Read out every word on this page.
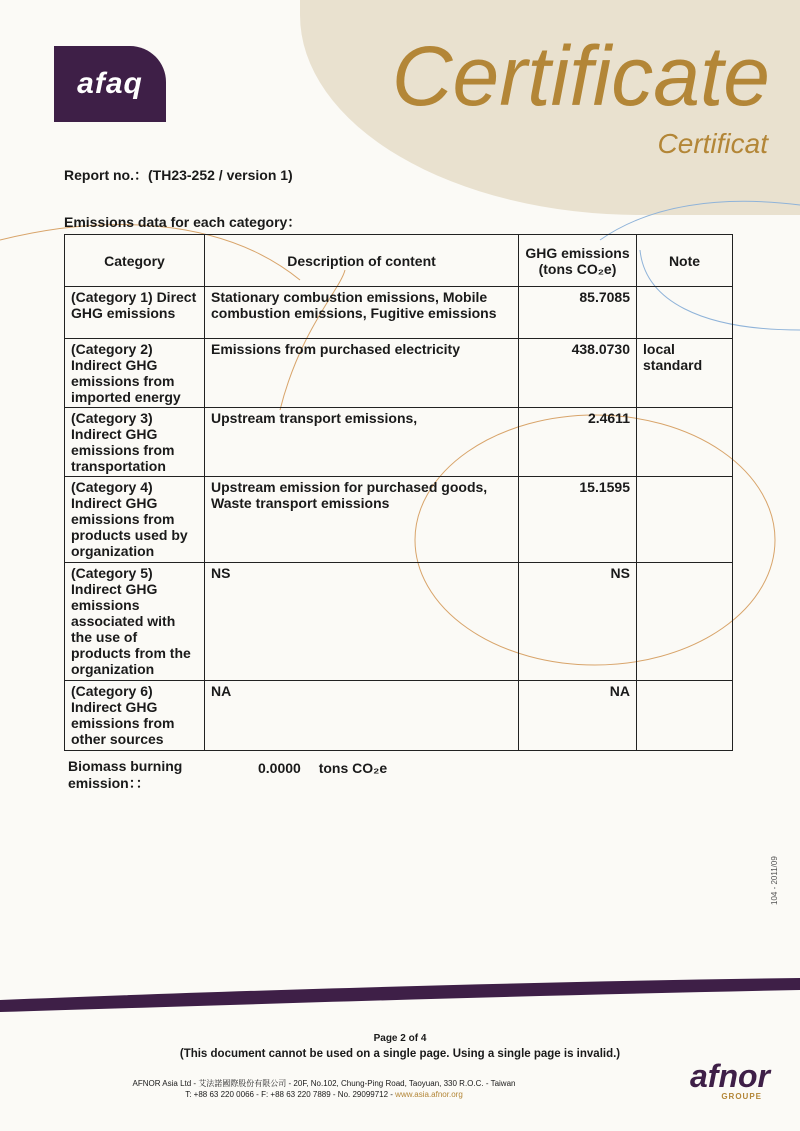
afaq	Certificate
Certificat
Report no.：(TH23-252 / version 1)
Emissions data for each category：
Category	Description of content	GHG emissions (tons CO₂e)	Note
(Category 1) Direct GHG emissions	Stationary combustion emissions, Mobile combustion emissions, Fugitive emissions	85.7085	
(Category 2) Indirect GHG emissions from imported energy	Emissions from purchased electricity	438.0730	local standard
(Category 3) Indirect GHG emissions from transportation	Upstream transport emissions,	2.4611	
(Category 4) Indirect GHG emissions from products used by organization	Upstream emission for purchased goods, Waste transport emissions	15.1595	
(Category 5) Indirect GHG emissions associated with the use of products from the organization	NS	NS	
(Category 6) Indirect GHG emissions from other sources	NA	NA	
Biomass burning emission：：
0.0000 tons CO₂e
104 - 2011/09
Page 2 of 4
(This document cannot be used on a single page. Using a single page is invalid.)
AFNOR Asia Ltd - 艾法諾國際股份有限公司 - 20F, No.102, Chung-Ping Road, Taoyuan, 330 R.O.C. - Taiwan
T: +88 63 220 0066 - F: +88 63 220 7889 - No. 29099712 - www.asia.afnor.org
afnor
GROUPE
